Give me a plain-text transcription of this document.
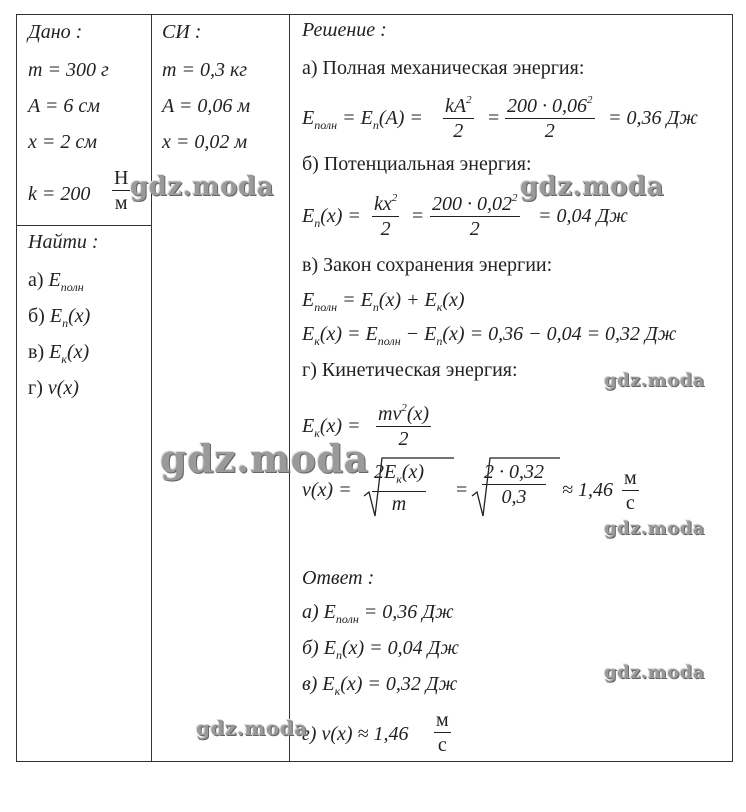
Дано :
m = 300 г
A = 6 см
x = 2 см
k = 200
Н
м
Найти :
а) $E_{полн}$
б) $E_п(x)$
в) $E_к(x)$
г) v(x)
СИ :
m = 0,3 кг
A = 0,06 м
x = 0,02 м
Решение :
а) Полная механическая энергия:
$E_{полн} = E_п(A) = \frac{kA^2}{2} = \frac{200 \cdot 0,06^2}{2} = 0,36$ Дж
б) Потенциальная энергия:
$E_п(x) = \frac{kx^2}{2} = \frac{200 \cdot 0,02^2}{2} = 0,04$ Дж
в) Закон сохранения энергии:
$E_{полн} = E_п(x) + E_к(x)$
$E_к(x) = E_{полн} - E_п(x) = 0,36 - 0,04 = 0,32$ Дж
г) Кинетическая энергия:
$E_к(x) = \frac{mv^2(x)}{2}$
v(x) =
$2E_к(x)$
m
= $\frac{2 \cdot 0,32}{0,3} \approx 1,46$
м
с
Ответ :
а) $E_{полн} = 0,36$ Дж
б) $E_п(x) = 0,04$ Дж
в) $E_к(x) = 0,32$ Дж
г) v(x) ≈ 1,46
м
с
gdz.moda	gdz.moda
gdz.moda
gdz.moda
gdz.moda
gdz.moda
gdz.moda
